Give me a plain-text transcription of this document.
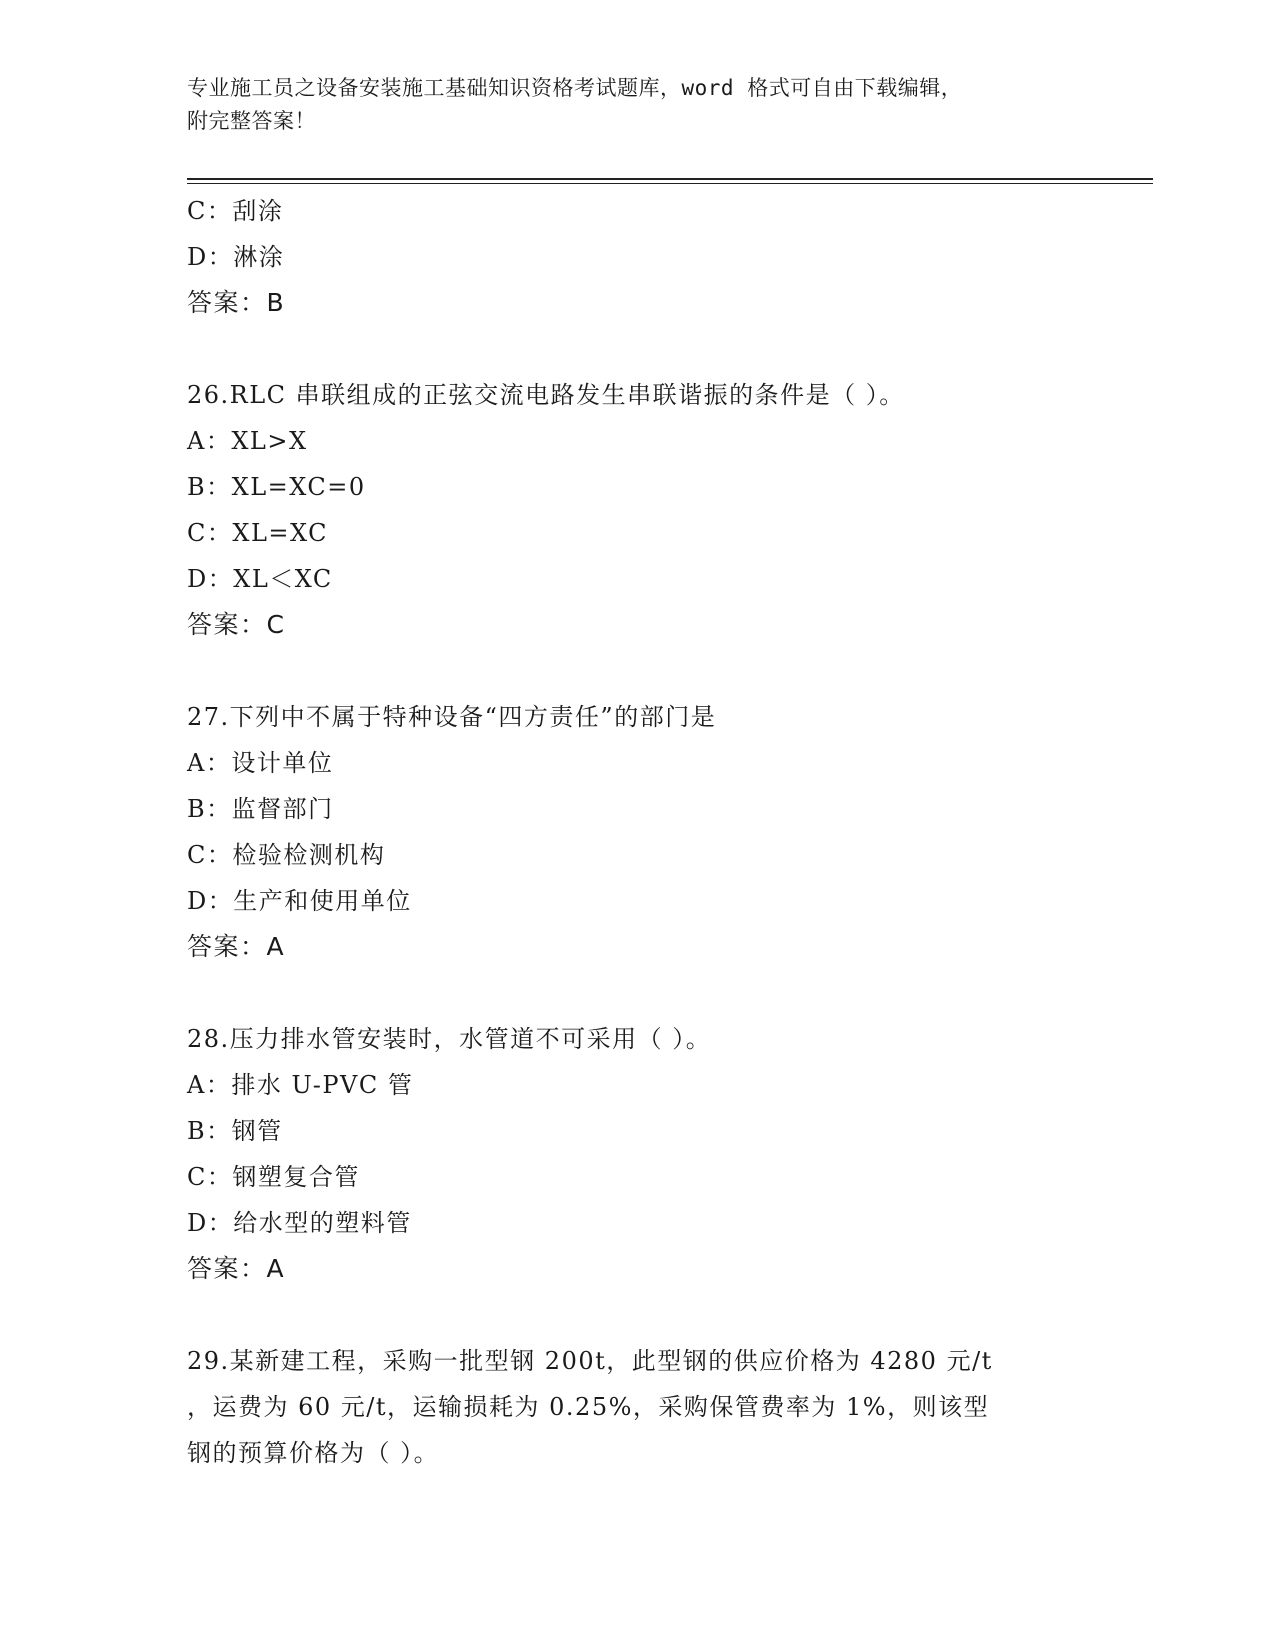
专业施工员之设备安装施工基础知识资格考试题库，word 格式可自由下载编辑，
附完整答案！
C：刮涂
D：淋涂
答案：B
26.RLC 串联组成的正弦交流电路发生串联谐振的条件是（ ）。
A：XL>X
B：XL=XC=0
C：XL=XC
D：XL＜XC
答案：C
27.下列中不属于特种设备“四方责任”的部门是
A：设计单位
B：监督部门
C：检验检测机构
D：生产和使用单位
答案：A
28.压力排水管安装时，水管道不可采用（ ）。
A：排水 U-PVC 管
B：钢管
C：钢塑复合管
D：给水型的塑料管
答案：A
29.某新建工程，采购一批型钢 200t，此型钢的供应价格为 4280 元/t
，运费为 60 元/t，运输损耗为 0.25%，采购保管费率为 1%，则该型
钢的预算价格为（ ）。
